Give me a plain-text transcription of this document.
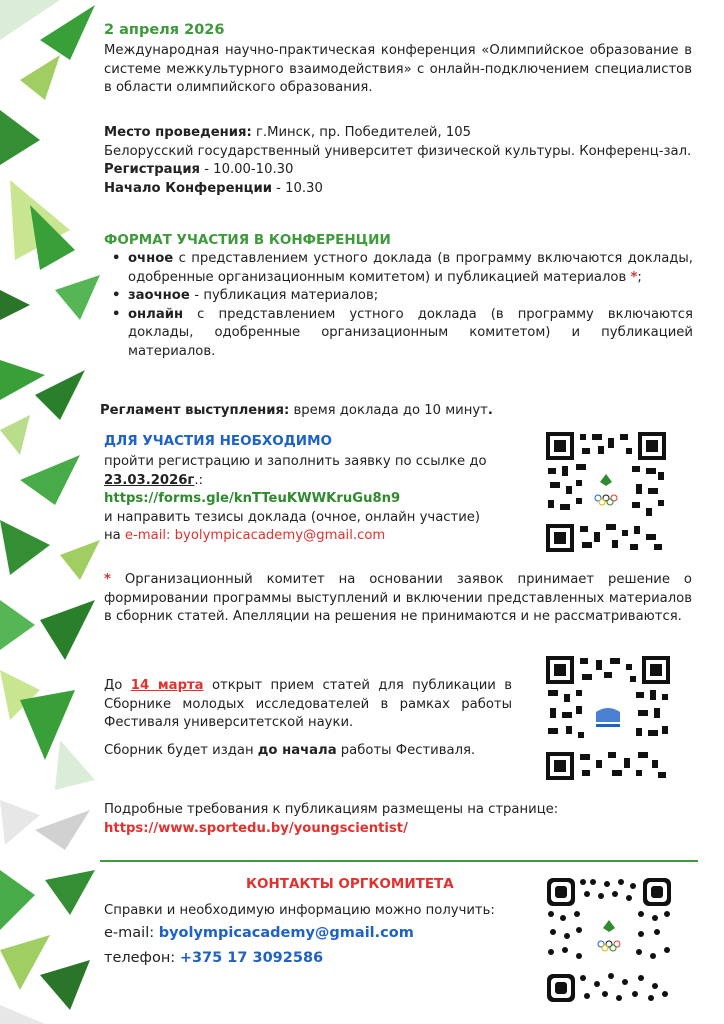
2 апреля 2026
Международная научно-практическая конференция «Олимпийское образование в системе межкультурного взаимодействия» с онлайн-подключением специалистов в области олимпийского образования.
Место проведения: г.Минск, пр. Победителей, 105
Белорусский государственный университет физической культуры. Конференц-зал.
Регистрация - 10.00-10.30
Начало Конференции - 10.30
ФОРМАТ УЧАСТИЯ В КОНФЕРЕНЦИИ
• очное с представлением устного доклада (в программу включаются доклады, одобренные организационным комитетом) и публикацией материалов *;
• заочное - публикация материалов;
• онлайн с представлением устного доклада (в программу включаются доклады, одобренные организационным комитетом) и публикацией материалов.
Регламент выступления: время доклада до 10 минут.
ДЛЯ УЧАСТИЯ НЕОБХОДИМО
пройти регистрацию и заполнить заявку по ссылке до
23.03.2026г.:
https://forms.gle/knTTeuKWWKruGu8n9
и направить тезисы доклада (очное, онлайн участие)
на e-mail: byolympicacademy@gmail.com
* Организационный комитет на основании заявок принимает решение о формировании программы выступлений и включении представленных материалов в сборник статей. Апелляции на решения не принимаются и не рассматриваются.
До 14 марта открыт прием статей для публикации в Сборнике молодых исследователей в рамках работы Фестиваля университетской науки.
Сборник будет издан до начала работы Фестиваля.
Подробные требования к публикациям размещены на странице:
https://www.sportedu.by/youngscientist/
КОНТАКТЫ ОРГКОМИТЕТА
Справки и необходимую информацию можно получить:
e-mail: byolympicacademy@gmail.com
телефон: +375 17 3092586
